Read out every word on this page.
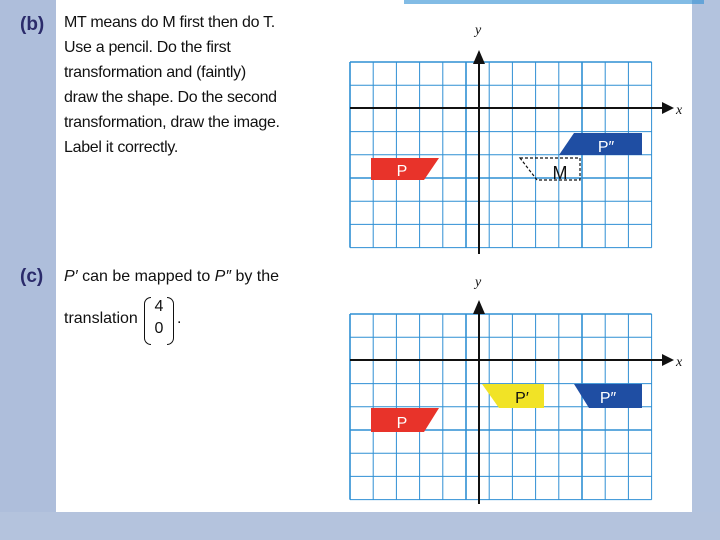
(b) MT means do M first then do T.
Use a pencil. Do the first
transformation and (faintly)
draw the shape. Do the second
transformation, draw the image.
Label it correctly.
(c) P′ can be mapped to P″ by the
translation
4
0
.
x
y
P
P″
M
x
y
P
P′	P″
